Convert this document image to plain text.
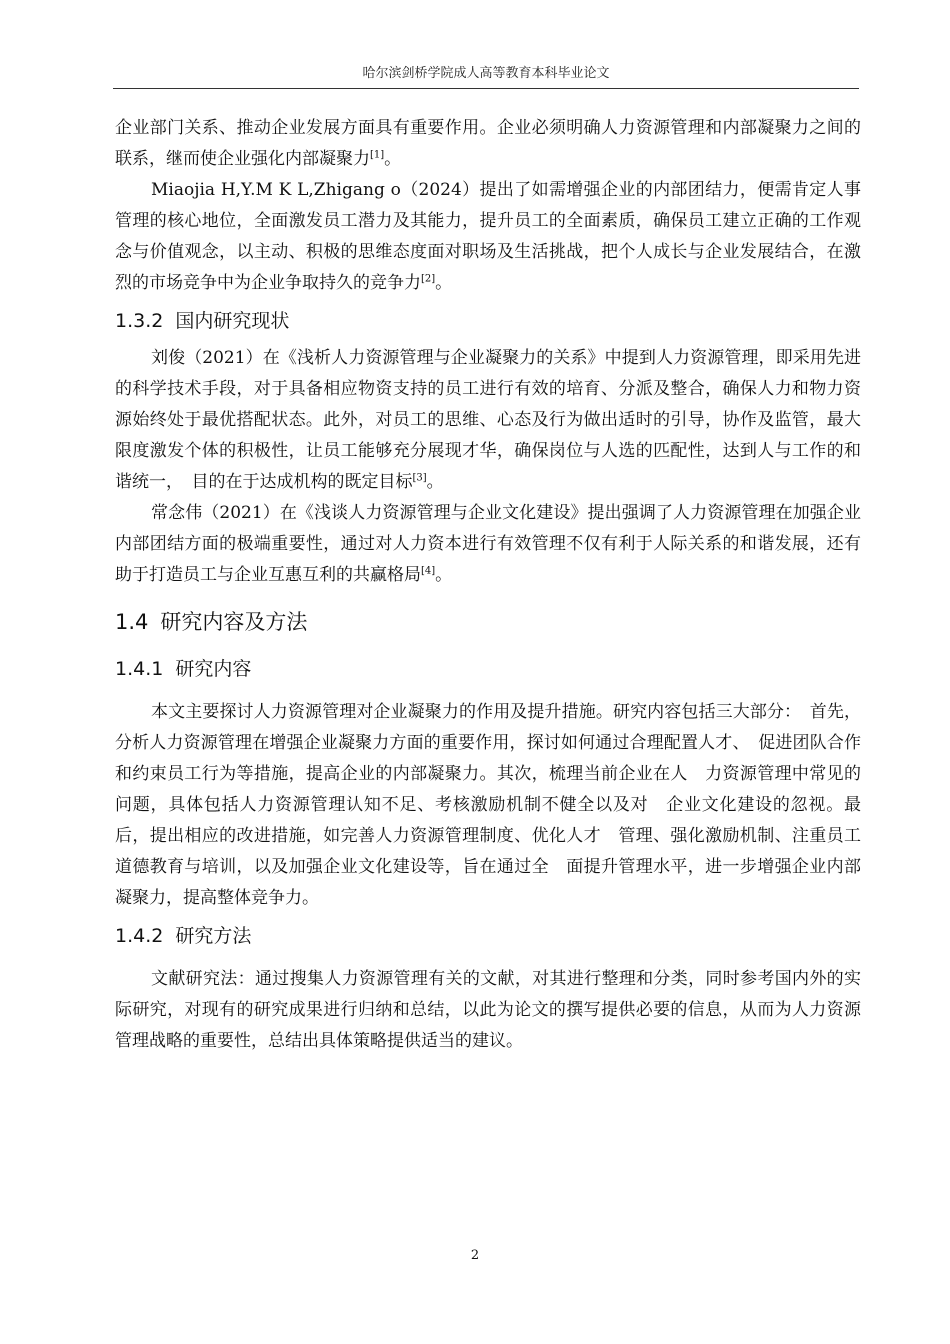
哈尔滨剑桥学院成人高等教育本科毕业论文

企业部门关系、推动企业发展方面具有重要作用。企业必须明确人力资源管理和内部凝聚力之间的联系，继而使企业强化内部凝聚力[1]。

Miaojia H,Y.M K L,Zhigang o（2024）提出了如需增强企业的内部团结力，便需肯定人事管理的核心地位，全面激发员工潜力及其能力，提升员工的全面素质，确保员工建立正确的工作观念与价值观念，以主动、积极的思维态度面对职场及生活挑战，把个人成长与企业发展结合，在激烈的市场竞争中为企业争取持久的竞争力[2]。

1.3.2 国内研究现状

刘俊（2021）在《浅析人力资源管理与企业凝聚力的关系》中提到人力资源管理，即采用先进的科学技术手段，对于具备相应物资支持的员工进行有效的培育、分派及整合，确保人力和物力资源始终处于最优搭配状态。此外，对员工的思维、心态及行为做出适时的引导，协作及监管，最大限度激发个体的积极性，让员工能够充分展现才华，确保岗位与人选的匹配性，达到人与工作的和谐统一，　目的在于达成机构的既定目标[3]。

常念伟（2021）在《浅谈人力资源管理与企业文化建设》提出强调了人力资源管理在加强企业内部团结方面的极端重要性，通过对人力资本进行有效管理不仅有利于人际关系的和谐发展，还有助于打造员工与企业互惠互利的共赢格局[4]。

1.4 研究内容及方法
1.4.1 研究内容

本文主要探讨人力资源管理对企业凝聚力的作用及提升措施。研究内容包括三大部分：　首先，分析人力资源管理在增强企业凝聚力方面的重要作用，探讨如何通过合理配置人才、　促进团队合作和约束员工行为等措施，提高企业的内部凝聚力。其次，梳理当前企业在人　力资源管理中常见的问题，具体包括人力资源管理认知不足、考核激励机制不健全以及对　企业文化建设的忽视。最后，提出相应的改进措施，如完善人力资源管理制度、优化人才　管理、强化激励机制、注重员工道德教育与培训，以及加强企业文化建设等，旨在通过全　面提升管理水平，进一步增强企业内部凝聚力，提高整体竞争力。

1.4.2 研究方法

文献研究法：通过搜集人力资源管理有关的文献，对其进行整理和分类，同时参考国内外的实际研究，对现有的研究成果进行归纳和总结，以此为论文的撰写提供必要的信息，从而为人力资源管理战略的重要性，总结出具体策略提供适当的建议。

2
